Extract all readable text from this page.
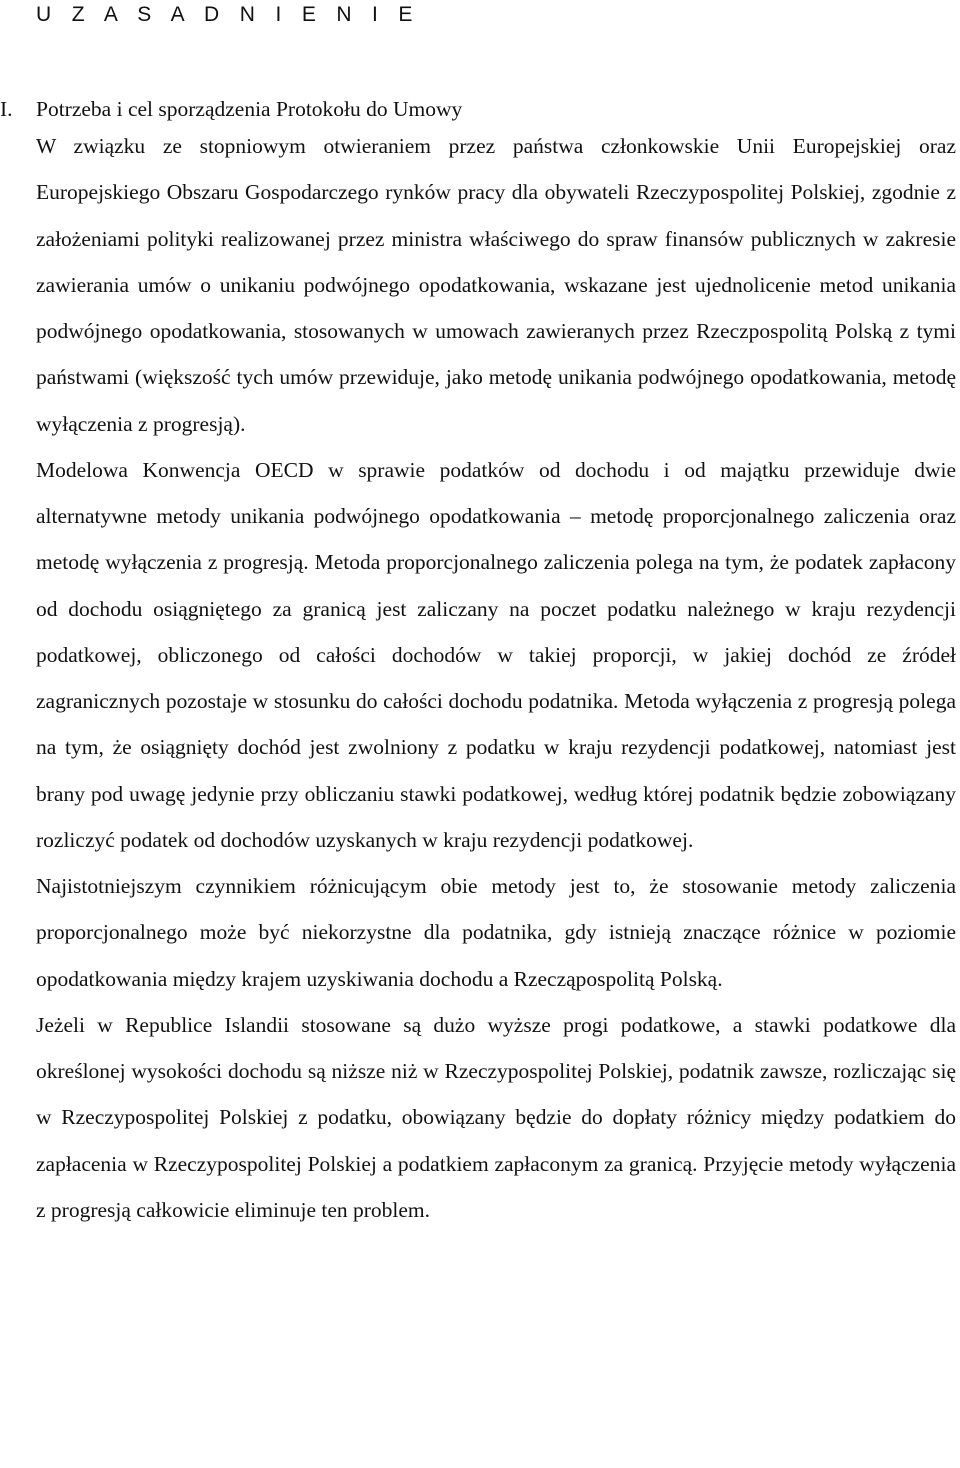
U Z A S A D N I E N I E
I.	Potrzeba i cel sporządzenia Protokołu do Umowy

W związku ze stopniowym otwieraniem przez państwa członkowskie Unii Europejskiej oraz Europejskiego Obszaru Gospodarczego rynków pracy dla obywateli Rzeczypospolitej Polskiej, zgodnie z założeniami polityki realizowanej przez ministra właściwego do spraw finansów publicznych w zakresie zawierania umów o unikaniu podwójnego opodatkowania, wskazane jest ujednolicenie metod unikania podwójnego opodatkowania, stosowanych w umowach zawieranych przez Rzeczpospolitą Polską z tymi państwami (większość tych umów przewiduje, jako metodę unikania podwójnego opodatkowania, metodę wyłączenia z progresją).

Modelowa Konwencja OECD w sprawie podatków od dochodu i od majątku przewiduje dwie alternatywne metody unikania podwójnego opodatkowania – metodę proporcjonalnego zaliczenia oraz metodę wyłączenia z progresją. Metoda proporcjonalnego zaliczenia polega na tym, że podatek zapłacony od dochodu osiągniętego za granicą jest zaliczany na poczet podatku należnego w kraju rezydencji podatkowej, obliczonego od całości dochodów w takiej proporcji, w jakiej dochód ze źródeł zagranicznych pozostaje w stosunku do całości dochodu podatnika. Metoda wyłączenia z progresją polega na tym, że osiągnięty dochód jest zwolniony z podatku w kraju rezydencji podatkowej, natomiast jest brany pod uwagę jedynie przy obliczaniu stawki podatkowej, według której podatnik będzie zobowiązany rozliczyć podatek od dochodów uzyskanych w kraju rezydencji podatkowej.

Najistotniejszym czynnikiem różnicującym obie metody jest to, że stosowanie metody zaliczenia proporcjonalnego może być niekorzystne dla podatnika, gdy istnieją znaczące różnice w poziomie opodatkowania między krajem uzyskiwania dochodu a Rzecząpospolitą Polską.

Jeżeli w Republice Islandii stosowane są dużo wyższe progi podatkowe, a stawki podatkowe dla określonej wysokości dochodu są niższe niż w Rzeczypospolitej Polskiej, podatnik zawsze, rozliczając się w Rzeczypospolitej Polskiej z podatku, obowiązany będzie do dopłaty różnicy między podatkiem do zapłacenia w Rzeczypospolitej Polskiej a podatkiem zapłaconym za granicą. Przyjęcie metody wyłączenia z progresją całkowicie eliminuje ten problem.
